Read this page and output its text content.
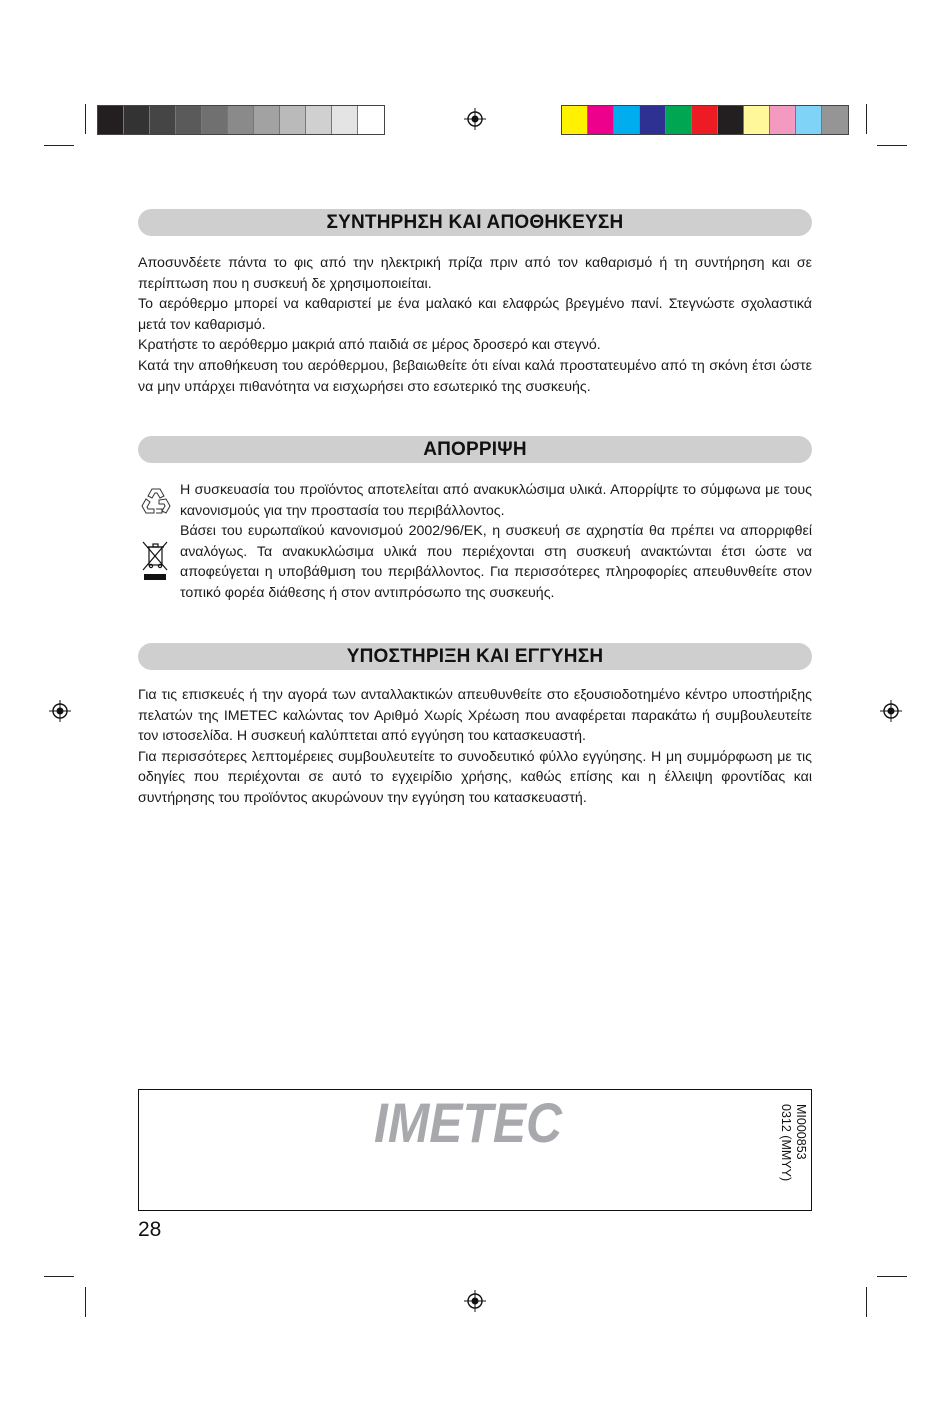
ΣΥΝΤΗΡΗΣΗ ΚΑΙ ΑΠΟΘΗΚΕΥΣΗ

Αποσυνδέετε πάντα το φις από την ηλεκτρική πρίζα πριν από τον καθαρισμό ή τη συντήρηση και σε περίπτωση που η συσκευή δε χρησιμοποιείται.

Το αερόθερμο μπορεί να καθαριστεί με ένα μαλακό και ελαφρώς βρεγμένο πανί. Στεγνώστε σχολαστικά μετά τον καθαρισμό.

Κρατήστε το αερόθερμο μακριά από παιδιά σε μέρος δροσερό και στεγνό.

Κατά την αποθήκευση του αερόθερμου, βεβαιωθείτε ότι είναι καλά προστατευμένο από τη σκόνη έτσι ώστε να μην υπάρχει πιθανότητα να εισχωρήσει στο εσωτερικό της συσκευής.

ΑΠΟΡΡΙΨΗ

Η συσκευασία του προϊόντος αποτελείται από ανακυκλώσιμα υλικά. Απορρίψτε το σύμφωνα με τους κανονισμούς για την προστασία του περιβάλλοντος.

Βάσει του ευρωπαϊκού κανονισμού 2002/96/ΕΚ, η συσκευή σε αχρηστία θα πρέπει να απορριφθεί αναλόγως. Τα ανακυκλώσιμα υλικά που περιέχονται στη συσκευή ανακτώνται έτσι ώστε να αποφεύγεται η υποβάθμιση του περιβάλλοντος. Για περισσότερες πληροφορίες απευθυνθείτε στον τοπικό φορέα διάθεσης ή στον αντιπρόσωπο της συσκευής.

ΥΠΟΣΤΗΡΙΞΗ ΚΑΙ ΕΓΓΥΗΣΗ

Για τις επισκευές ή την αγορά των ανταλλακτικών απευθυνθείτε στο εξουσιοδοτημένο κέντρο υποστήριξης πελατών της IMETEC καλώντας τον Αριθμό Χωρίς Χρέωση που αναφέρεται παρακάτω ή συμβουλευτείτε τον ιστοσελίδα. Η συσκευή καλύπτεται από εγγύηση του κατασκευαστή.

Για περισσότερες λεπτομέρειες συμβουλευτείτε το συνοδευτικό φύλλο εγγύησης. Η μη συμμόρφωση με τις οδηγίες που περιέχονται σε αυτό το εγχειρίδιο χρήσης, καθώς επίσης και η έλλειψη φροντίδας και συντήρησης του προϊόντος ακυρώνουν την εγγύηση του κατασκευαστή.

IMETEC	MI000853
0312 (MMYY)
28
